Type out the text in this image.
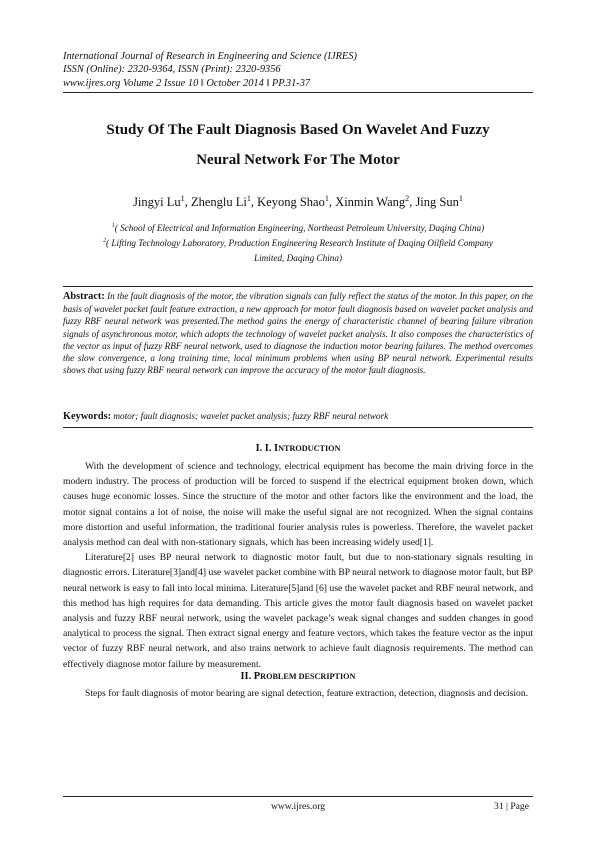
International Journal of Research in Engineering and Science (IJRES)
ISSN (Online): 2320-9364, ISSN (Print): 2320-9356
www.ijres.org Volume 2 Issue 10 ǁ October 2014 ǁ PP.31-37
Study Of The Fault Diagnosis Based On Wavelet And Fuzzy
Neural Network For The Motor
Jingyi Lu$^1$, Zhenglu Li$^1$, Keyong Shao$^1$, Xinmin Wang$^2$, Jing Sun$^1$
$^1$( School of Electrical and Information Engineering, Northeast Petroleum University, Daqing China)
$^2$( Lifting Technology Laboratory, Production Engineering Research Institute of Daqing Oilfield Company
Limited, Daqing China)
Abstract: In the fault diagnosis of the motor, the vibration signals can fully reflect the status of the motor. In this paper, on the basis of wavelet packet fault feature extraction, a new approach for motor fault diagnosis based on wavelet packet analysis and fuzzy RBF neural network was presented.The method gains the energy of characteristic channel of bearing failure vibration signals of asynchronous motor, which adopts the technology of wavelet packet analysis. It also composes the characteristics of the vector as input of fuzzy RBF neural network, used to diagnose the induction motor bearing failures. The method overcomes the slow convergence, a long training time, local minimum problems when using BP neural network. Experimental results shows that using fuzzy RBF neural network can improve the accuracy of the motor fault diagnosis.
Keywords: motor; fault diagnosis; wavelet packet analysis; fuzzy RBF neural network
I. I. INTRODUCTION

With the development of science and technology, electrical equipment has become the main driving force in the modern industry. The process of production will be forced to suspend if the electrical equipment broken down, which causes huge economic losses. Since the structure of the motor and other factors like the environment and the load, the motor signal contains a lot of noise, the noise will make the useful signal are not recognized. When the signal contains more distortion and useful information, the traditional fourier analysis rules is powerless. Therefore, the wavelet packet analysis method can deal with non-stationary signals, which has been increasing widely used[1].

Literature[2] uses BP neural network to diagnostic motor fault, but due to non-stationary signals resulting in diagnostic errors. Literature[3]and[4] use wavelet packet combine with BP neural network to diagnose motor fault, but BP neural network is easy to fall into local minima. Literature[5]and [6] use the wavelet packet and RBF neural network, and this method has high requires for data demanding. This article gives the motor fault diagnosis based on wavelet packet analysis and fuzzy RBF neural network, using the wavelet package’s weak signal changes and sudden changes in good analytical to process the signal. Then extract signal energy and feature vectors, which takes the feature vector as the input vector of fuzzy RBF neural network, and also trains network to achieve fault diagnosis requirements. The method can effectively diagnose motor failure by measurement.

II. PROBLEM DESCRIPTION

Steps for fault diagnosis of motor bearing are signal detection, feature extraction, detection, diagnosis and decision.

www.ijres.org	31 | Page
